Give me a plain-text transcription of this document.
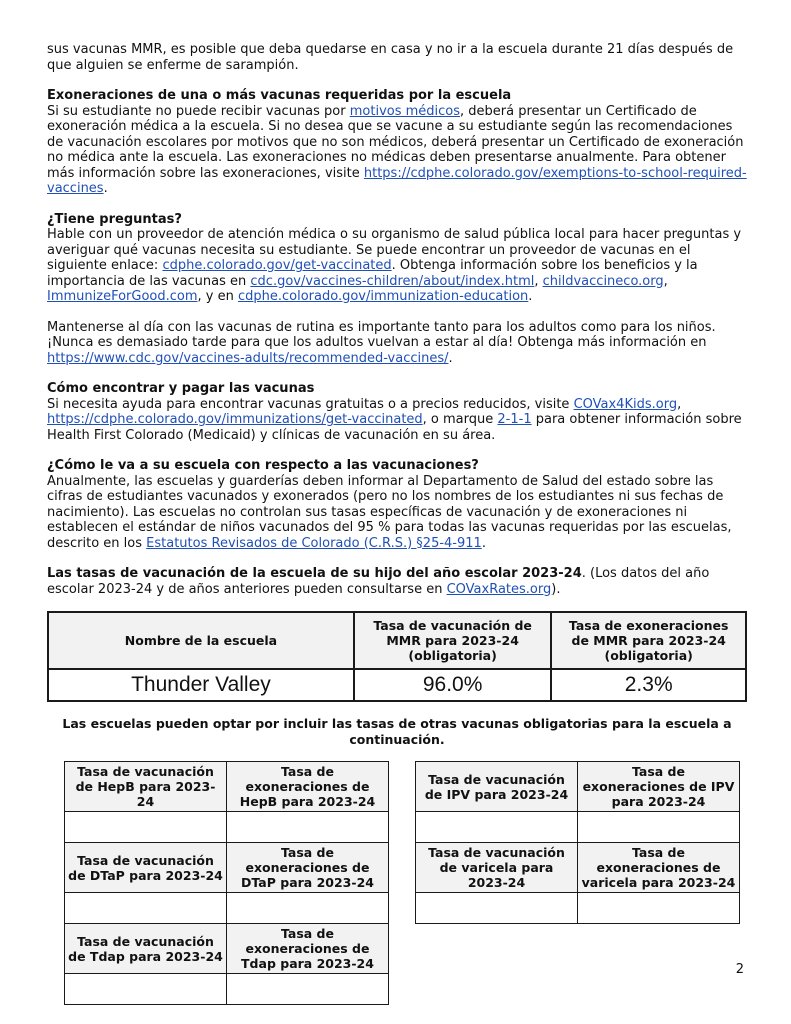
sus vacunas MMR, es posible que deba quedarse en casa y no ir a la escuela durante 21 días después de que alguien se enferme de sarampión.

Exoneraciones de una o más vacunas requeridas por la escuela

Si su estudiante no puede recibir vacunas por motivos médicos, deberá presentar un Certificado de exoneración médica a la escuela. Si no desea que se vacune a su estudiante según las recomendaciones de vacunación escolares por motivos que no son médicos, deberá presentar un Certificado de exoneración no médica ante la escuela. Las exoneraciones no médicas deben presentarse anualmente. Para obtener más información sobre las exoneraciones, visite https://cdphe.colorado.gov/exemptions-to-school-required-vaccines.

¿Tiene preguntas?

Hable con un proveedor de atención médica o su organismo de salud pública local para hacer preguntas y averiguar qué vacunas necesita su estudiante. Se puede encontrar un proveedor de vacunas en el siguiente enlace: cdphe.colorado.gov/get-vaccinated. Obtenga información sobre los beneficios y la importancia de las vacunas en cdc.gov/vaccines-children/about/index.html, childvaccineco.org, ImmunizeForGood.com, y en cdphe.colorado.gov/immunization-education.

Mantenerse al día con las vacunas de rutina es importante tanto para los adultos como para los niños. ¡Nunca es demasiado tarde para que los adultos vuelvan a estar al día! Obtenga más información en https://www.cdc.gov/vaccines-adults/recommended-vaccines/.

Cómo encontrar y pagar las vacunas

Si necesita ayuda para encontrar vacunas gratuitas o a precios reducidos, visite COVax4Kids.org, https://cdphe.colorado.gov/immunizations/get-vaccinated, o marque 2-1-1 para obtener información sobre Health First Colorado (Medicaid) y clínicas de vacunación en su área.

¿Cómo le va a su escuela con respecto a las vacunaciones?

Anualmente, las escuelas y guarderías deben informar al Departamento de Salud del estado sobre las cifras de estudiantes vacunados y exonerados (pero no los nombres de los estudiantes ni sus fechas de nacimiento). Las escuelas no controlan sus tasas específicas de vacunación y de exoneraciones ni establecen el estándar de niños vacunados del 95 % para todas las vacunas requeridas por las escuelas, descrito en los Estatutos Revisados de Colorado (C.R.S.) §25-4-911.

Las tasas de vacunación de la escuela de su hijo del año escolar 2023-24. (Los datos del año escolar 2023-24 y de años anteriores pueden consultarse en COVaxRates.org).

Nombre de la escuela	Tasa de vacunación de MMR para 2023-24 (obligatoria)	Tasa de exoneraciones de MMR para 2023-24 (obligatoria)
Thunder Valley	96.0%	2.3%

Las escuelas pueden optar por incluir las tasas de otras vacunas obligatorias para la escuela a continuación.

Tasa de vacunación de HepB para 2023-24	Tasa de exoneraciones de HepB para 2023-24

Tasa de vacunación de DTaP para 2023-24	Tasa de exoneraciones de DTaP para 2023-24

Tasa de vacunación de Tdap para 2023-24	Tasa de exoneraciones de Tdap para 2023-24

Tasa de vacunación de IPV para 2023-24	Tasa de exoneraciones de IPV para 2023-24

Tasa de vacunación de varicela para 2023-24	Tasa de exoneraciones de varicela para 2023-24

2
